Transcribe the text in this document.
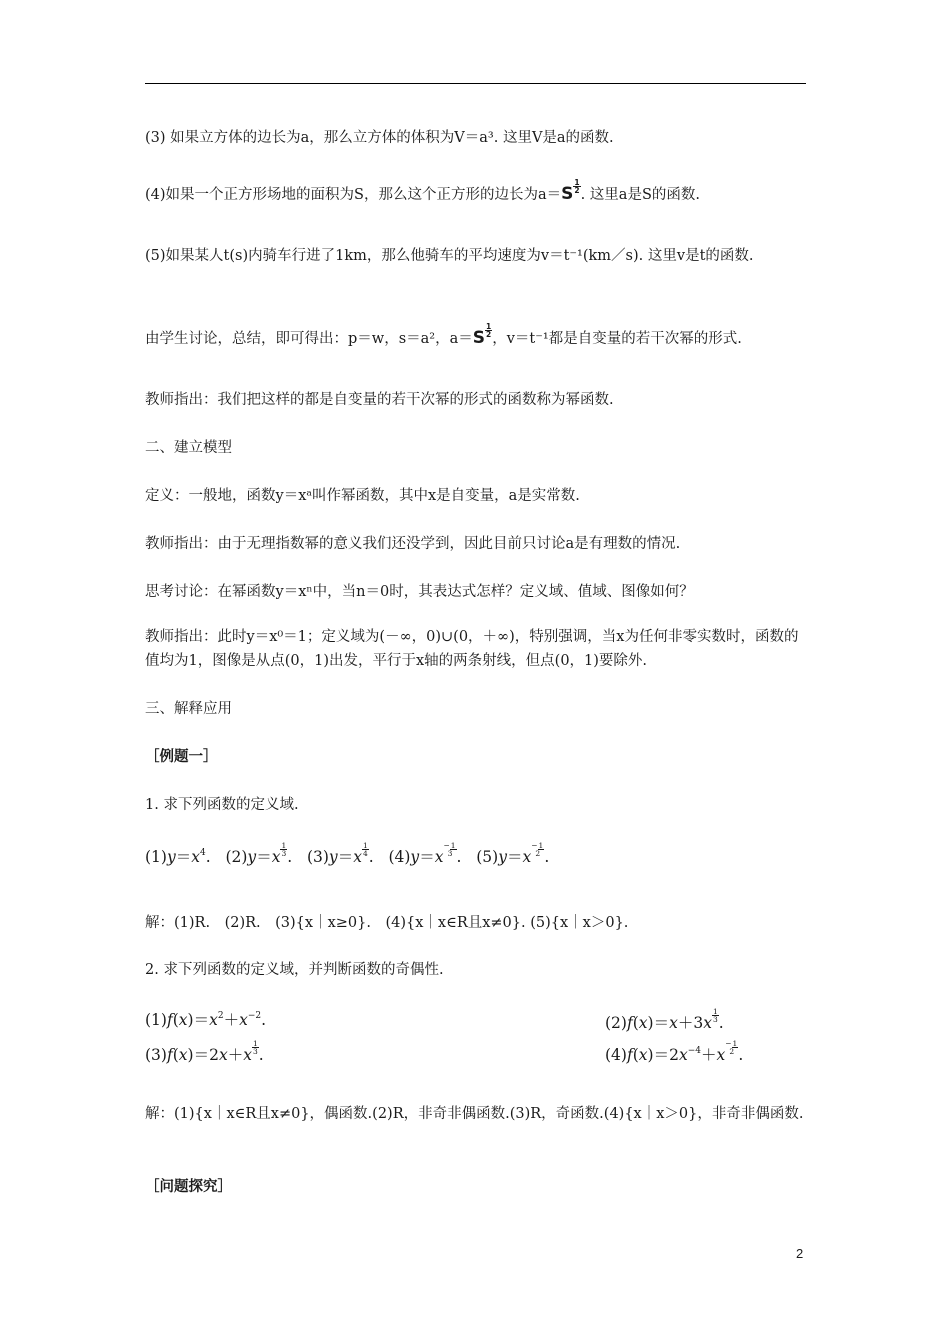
(3) 如果立方体的边长为a，那么立方体的体积为V＝a³. 这里V是a的函数.
(4)如果一个正方形场地的面积为S，那么这个正方形的边长为$a=S \frac{1}{2}$
. 这里a是S的函数.
(5)如果某人t(s)内骑车行进了1km，那么他骑车的平均速度为v＝t⁻¹(km／s). 这里v是t的函数.
由学生讨论，总结，即可得出：p＝w，s＝a²，$a=S \frac{1}{2}$
，v＝t⁻¹都是自变量的若干次幂的形式.
教师指出：我们把这样的都是自变量的若干次幂的形式的函数称为幂函数.
二、建立模型
定义：一般地，函数y＝xᵃ叫作幂函数，其中x是自变量，a是实常数.
教师指出：由于无理指数幂的意义我们还没学到，因此目前只讨论a是有理数的情况.
思考讨论：在幂函数y＝xⁿ中，当n＝0时，其表达式怎样？定义域、值域、图像如何？
教师指出：此时y＝x⁰＝1；定义域为(－∞，0)∪(0，＋∞)，特别强调，当x为任何非零实数时，函数的值均为1，图像是从点(0，1)出发，平行于x轴的两条射线，但点(0，1)要除外.
三、解释应用
［例题一］
1. 求下列函数的定义域.
$(1)y=x^4$. $(2)y=x \frac{1}{3}$ . $(3)y=x \frac{1}{4}$ . (4)y＝x−1
3 . (5)y＝x−1
2 .
解：(1)R.　(2)R.　(3){x｜x≥0}.　(4){x｜x∈R且x≠0}. (5){x｜x＞0}.
2. 求下列函数的定义域，并判断函数的奇偶性.
$(1)f(x)=x^2+x^{-2}$.	$(2)f(x)=x+3x \frac{1}{3}$ .
$(3)f(x)=2x+x \frac{1}{3}$ .	$(4)f(x)=2x^{-4}+x-1$
2 .
解：(1){x｜x∈R且x≠0}，偶函数.(2)R，非奇非偶函数.(3)R，奇函数.(4){x｜x＞0}，非奇非偶函数.
［问题探究］
2
